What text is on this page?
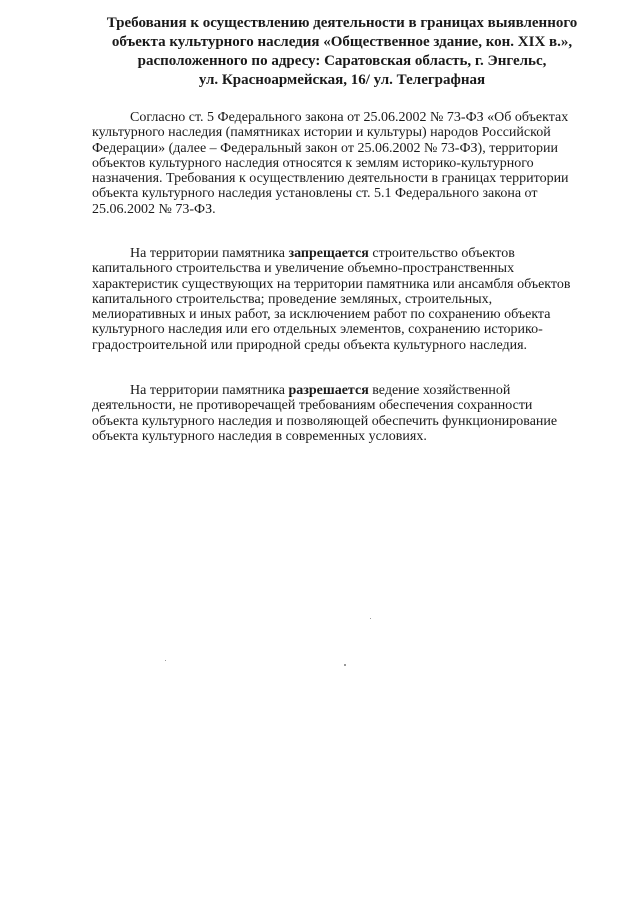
Требования к осуществлению деятельности в границах выявленного
объекта культурного наследия «Общественное здание, кон. XIX в.»,
расположенного по адресу: Саратовская область, г. Энгельс,
ул. Красноармейская, 16/ ул. Телеграфная
Согласно ст. 5 Федерального закона от 25.06.2002 № 73-ФЗ «Об объектах
культурного наследия (памятниках истории и культуры) народов Российской
Федерации» (далее – Федеральный закон от 25.06.2002 № 73-ФЗ), территории
объектов культурного наследия относятся к землям историко-культурного
назначения. Требования к осуществлению деятельности в границах территории
объекта культурного наследия установлены ст. 5.1 Федерального закона от
25.06.2002 № 73-ФЗ.
На территории памятника запрещается строительство объектов
капитального строительства и увеличение объемно-пространственных
характеристик существующих на территории памятника или ансамбля объектов
капитального строительства; проведение земляных, строительных,
мелиоративных и иных работ, за исключением работ по сохранению объекта
культурного наследия или его отдельных элементов, сохранению историко-
градостроительной или природной среды объекта культурного наследия.
На территории памятника разрешается ведение хозяйственной
деятельности, не противоречащей требованиям обеспечения сохранности
объекта культурного наследия и позволяющей обеспечить функционирование
объекта культурного наследия в современных условиях.
